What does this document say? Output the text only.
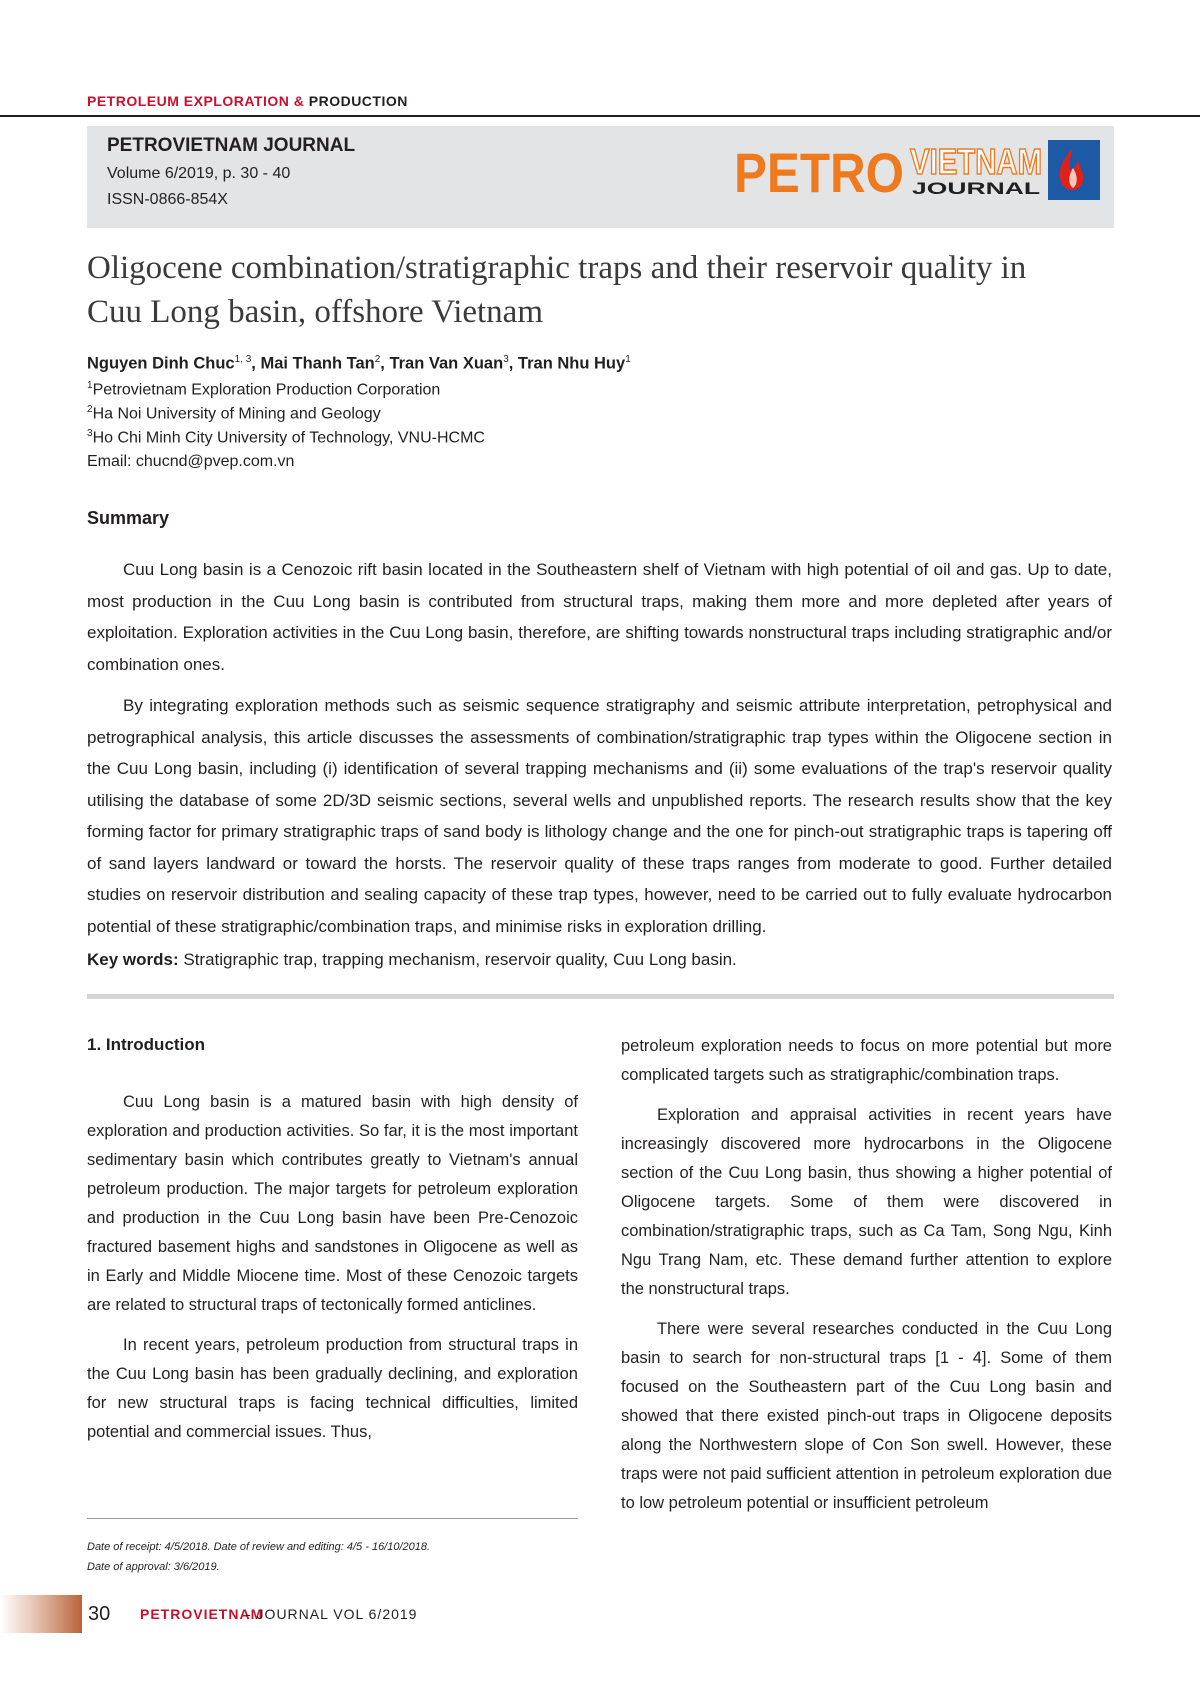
PETROLEUM EXPLORATION & PRODUCTION
PETROVIETNAM JOURNAL
Volume 6/2019, p. 30 - 40
ISSN-0866-854X	PETRO VIETNAM
JOURNAL
Oligocene combination/stratigraphic traps and their reservoir quality in Cuu Long basin, offshore Vietnam
Nguyen Dinh Chuc$^{1, 3}$, Mai Thanh Tan$^2$, Tran Van Xuan$^3$, Tran Nhu Huy$^1$
$^1$Petrovietnam Exploration Production Corporation
$^2$Ha Noi University of Mining and Geology
$^3$Ho Chi Minh City University of Technology, VNU-HCMC
Email: chucnd@pvep.com.vn
Summary

Cuu Long basin is a Cenozoic rift basin located in the Southeastern shelf of Vietnam with high potential of oil and gas. Up to date, most production in the Cuu Long basin is contributed from structural traps, making them more and more depleted after years of exploitation. Exploration activities in the Cuu Long basin, therefore, are shifting towards nonstructural traps including stratigraphic and/or combination ones.

By integrating exploration methods such as seismic sequence stratigraphy and seismic attribute interpretation, petrophysical and petrographical analysis, this article discusses the assessments of combination/stratigraphic trap types within the Oligocene section in the Cuu Long basin, including (i) identification of several trapping mechanisms and (ii) some evaluations of the trap's reservoir quality utilising the database of some 2D/3D seismic sections, several wells and unpublished reports. The research results show that the key forming factor for primary stratigraphic traps of sand body is lithology change and the one for pinch-out stratigraphic traps is tapering off of sand layers landward or toward the horsts. The reservoir quality of these traps ranges from moderate to good. Further detailed studies on reservoir distribution and sealing capacity of these trap types, however, need to be carried out to fully evaluate hydrocarbon potential of these stratigraphic/combination traps, and minimise risks in exploration drilling.

Key words: Stratigraphic trap, trapping mechanism, reservoir quality, Cuu Long basin.
1. Introduction

Cuu Long basin is a matured basin with high density of exploration and production activities. So far, it is the most important sedimentary basin which contributes greatly to Vietnam's annual petroleum production. The major targets for petroleum exploration and production in the Cuu Long basin have been Pre-Cenozoic fractured basement highs and sandstones in Oligocene as well as in Early and Middle Miocene time. Most of these Cenozoic targets are related to structural traps of tectonically formed anticlines.

In recent years, petroleum production from structural traps in the Cuu Long basin has been gradually declining, and exploration for new structural traps is facing technical difficulties, limited potential and commercial issues. Thus,

petroleum exploration needs to focus on more potential but more complicated targets such as stratigraphic/combination traps.

Exploration and appraisal activities in recent years have increasingly discovered more hydrocarbons in the Oligocene section of the Cuu Long basin, thus showing a higher potential of Oligocene targets. Some of them were discovered in combination/stratigraphic traps, such as Ca Tam, Song Ngu, Kinh Ngu Trang Nam, etc. These demand further attention to explore the nonstructural traps.

There were several researches conducted in the Cuu Long basin to search for non-structural traps [1 - 4]. Some of them focused on the Southeastern part of the Cuu Long basin and showed that there existed pinch-out traps in Oligocene deposits along the Northwestern slope of Con Son swell. However, these traps were not paid sufficient attention in petroleum exploration due to low petroleum potential or insufficient petroleum

Date of receipt: 4/5/2018. Date of review and editing: 4/5 - 16/10/2018.
Date of approval: 3/6/2019.
30 PETROVIETNAM
- JOURNAL VOL 6/2019
